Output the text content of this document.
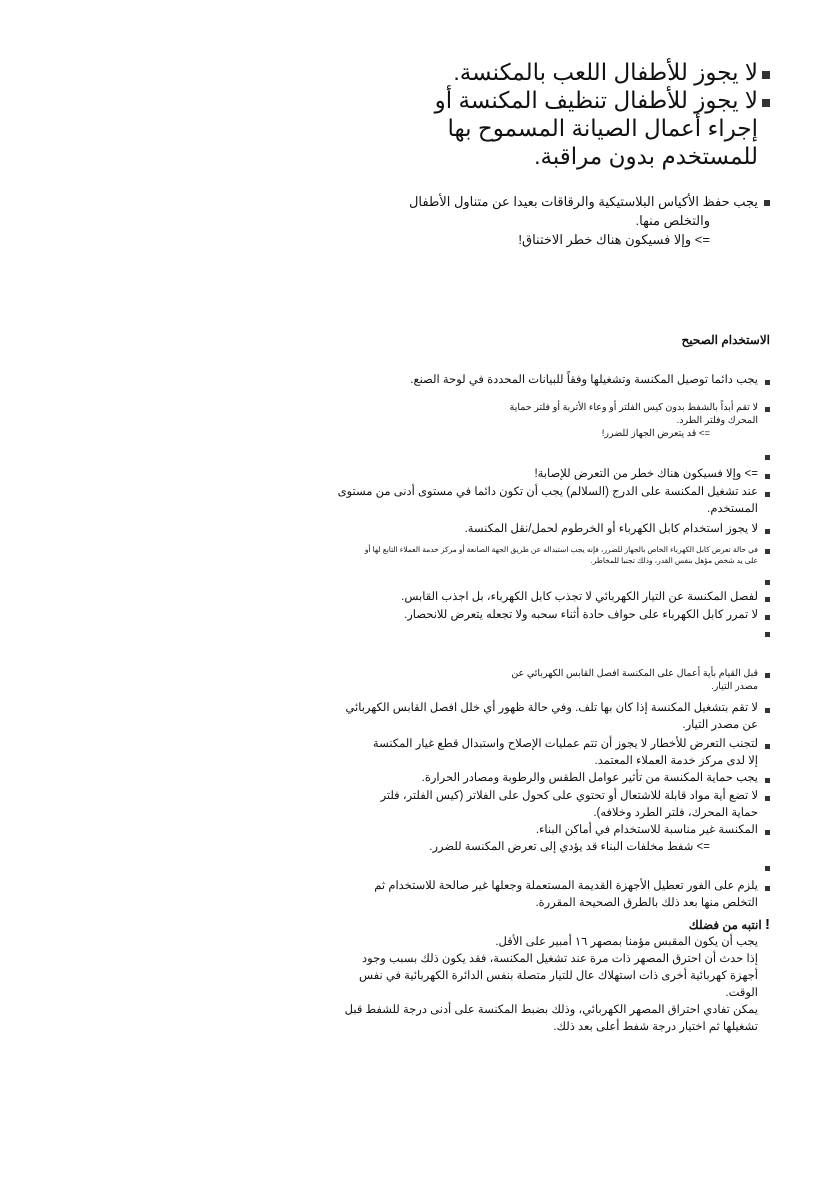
لا يجوز للأطفال اللعب بالمكنسة.
لا يجوز للأطفال تنظيف المكنسة أو
إجراء أعمال الصيانة المسموح بها
للمستخدم بدون مراقبة.
يجب حفظ الأكياس البلاستيكية والرقاقات بعيدا عن متناول الأطفال
والتخلص منها.
=> وإلا فسيكون هناك خطر الاختناق!
الاستخدام الصحيح
يجب دائما توصيل المكنسة وتشغيلها وفقاً للبيانات المحددة في لوحة الصنع.
لا تقم أبداً بالشفط بدون كيس الفلتر أو وعاء الأتربة أو فلتر حماية
المحرك وفلتر الطرد.
=> قد يتعرض الجهاز للضرر!

=> وإلا فسيكون هناك خطر من التعرض للإصابة!
عند تشغيل المكنسة على الدرج (السلالم) يجب أن تكون دائما في مستوى أدنى من مستوى
المستخدم.
لا يجوز استخدام كابل الكهرباء أو الخرطوم لحمل/نقل المكنسة.
في حالة تعرض كابل الكهرباء الخاص بالجهاز للضرر، فإنه يجب استبداله عن طريق الجهة الصانعة أو مركز خدمة العملاء التابع لها أو
على يد شخص مؤهل بنفس القدر، وذلك تجنبا للمخاطر.

لفصل المكنسة عن التيار الكهربائي لا تجذب كابل الكهرباء، بل اجذب القابس.
لا تمرر كابل الكهرباء على حواف حادة أثناء سحبه ولا تجعله يتعرض للانحصار.

قبل القيام بأية أعمال على المكنسة افصل القابس الكهربائي عن
مصدر التيار.
لا تقم بتشغيل المكنسة إذا كان بها تلف. وفي حالة ظهور أي خلل افصل القابس الكهربائي
عن مصدر التيار.
لتجنب التعرض للأخطار لا يجوز أن تتم عمليات الإصلاح واستبدال قطع غيار المكنسة
إلا لدى مركز خدمة العملاء المعتمد.
يجب حماية المكنسة من تأثير عوامل الطقس والرطوبة ومصادر الحرارة.
لا تضع أية مواد قابلة للاشتعال أو تحتوي على كحول على الفلاتر (كيس الفلتر، فلتر
حماية المحرك، فلتر الطرد وخلافه).
المكنسة غير مناسبة للاستخدام في أماكن البناء.
=> شفط مخلفات البناء قد يؤدي إلى تعرض المكنسة للضرر.

يلزم على الفور تعطيل الأجهزة القديمة المستعملة وجعلها غير صالحة للاستخدام ثم
التخلص منها بعد ذلك بالطرق الصحيحة المقررة.
! انتبه من فضلك
يجب أن يكون المقبس مؤمنا بمصهر ١٦ أمبير على الأقل.
إذا حدث أن احترق المصهر ذات مرة عند تشغيل المكنسة، فقد يكون ذلك بسبب وجود
أجهزة كهربائية أخرى ذات استهلاك عال للتيار متصلة بنفس الدائرة الكهربائية في نفس
الوقت.
يمكن تفادي احتراق المصهر الكهربائي، وذلك بضبط المكنسة على أدنى درجة للشفط قبل
تشغيلها ثم اختيار درجة شفط أعلى بعد ذلك.
